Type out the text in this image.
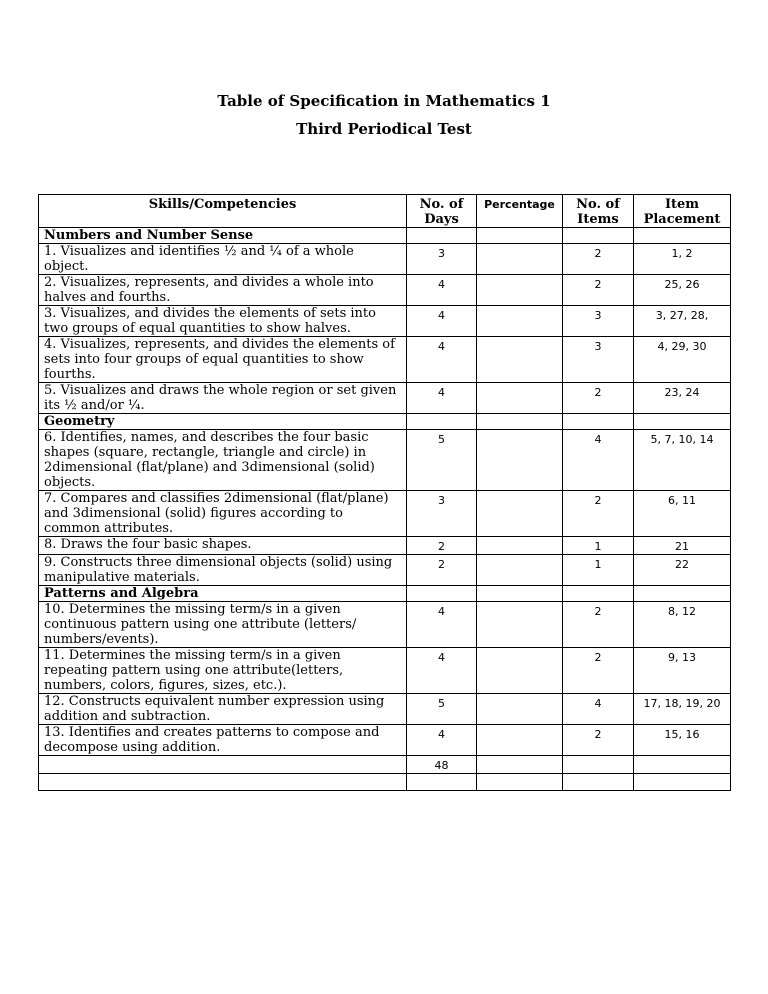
Table of Specification in Mathematics 1
Third Periodical Test
Skills/Competencies	No. of Days	Percentage	No. of Items	Item Placement
Numbers and Number Sense				
1. Visualizes and identifies ½ and ¼ of a whole object.	3		2	1, 2
2. Visualizes, represents, and divides a whole into halves and fourths.	4		2	25, 26
3. Visualizes, and divides the elements of sets into two groups of equal quantities to show halves.	4		3	3, 27, 28,
4. Visualizes, represents, and divides the elements of sets into four groups of equal quantities to show fourths.	4		3	4, 29, 30
5. Visualizes and draws the whole region or set given its ½ and/or ¼.	4		2	23, 24
Geometry				
6. Identifies, names, and describes the four basic shapes (square, rectangle, triangle and circle) in 2dimensional (flat/plane) and 3dimensional (solid) objects.	5		4	5, 7, 10, 14
7. Compares and classifies 2dimensional (flat/plane) and 3dimensional (solid) figures according to common attributes.	3		2	6, 11
8. Draws the four basic shapes.	2		1	21
9. Constructs three dimensional objects (solid) using manipulative materials.	2		1	22
Patterns and Algebra				
10. Determines the missing term/s in a given continuous pattern using one attribute (letters/ numbers/events).	4		2	8, 12
11. Determines the missing term/s in a given repeating pattern using one attribute(letters, numbers, colors, figures, sizes, etc.).	4		2	9, 13
12. Constructs equivalent number expression using addition and subtraction.	5		4	17, 18, 19, 20
13. Identifies and creates patterns to compose and decompose using addition.	4		2	15, 16
	48			
